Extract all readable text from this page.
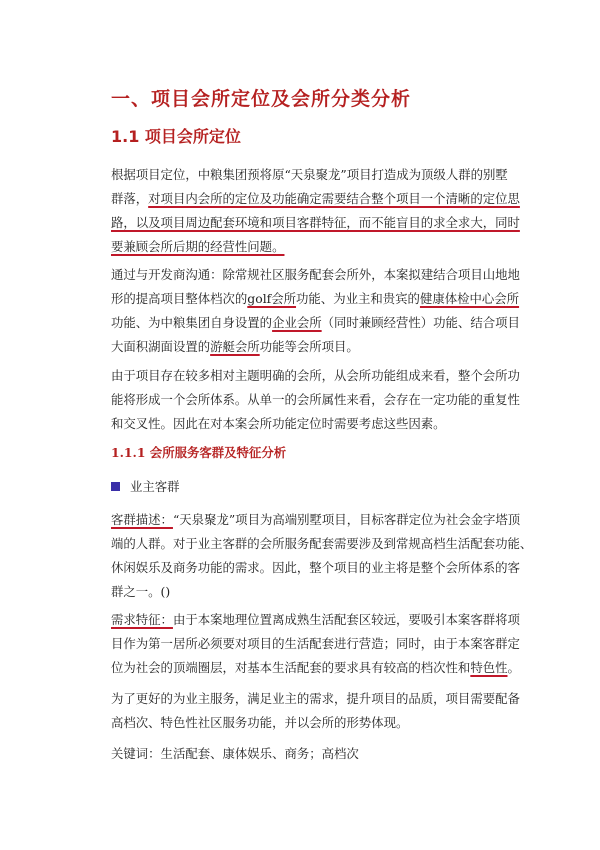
一、项目会所定位及会所分类分析
1.1 项目会所定位

根据项目定位，中粮集团预将原“天泉聚龙”项目打造成为顶级人群的别墅
群落，对项目内会所的定位及功能确定需要结合整个项目一个清晰的定位思
路，以及项目周边配套环境和项目客群特征，而不能盲目的求全求大，同时
要兼顾会所后期的经营性问题。

通过与开发商沟通：除常规社区服务配套会所外，本案拟建结合项目山地地
形的提高项目整体档次的golf会所功能、为业主和贵宾的健康体检中心会所
功能、为中粮集团自身设置的企业会所（同时兼顾经营性）功能、结合项目
大面积湖面设置的游艇会所功能等会所项目。

由于项目存在较多相对主题明确的会所，从会所功能组成来看，整个会所功
能将形成一个会所体系。从单一的会所属性来看，会存在一定功能的重复性
和交叉性。因此在对本案会所功能定位时需要考虑这些因素。

1.1.1 会所服务客群及特征分析
业主客群

客群描述：“天泉聚龙”项目为高端别墅项目，目标客群定位为社会金字塔顶
端的人群。对于业主客群的会所服务配套需要涉及到常规高档生活配套功能、
休闲娱乐及商务功能的需求。因此，整个项目的业主将是整个会所体系的客
群之一。()

需求特征：由于本案地理位置离成熟生活配套区较远，要吸引本案客群将项
目作为第一居所必须要对项目的生活配套进行营造；同时，由于本案客群定
位为社会的顶端圈层，对基本生活配套的要求具有较高的档次性和特色性。

为了更好的为业主服务，满足业主的需求，提升项目的品质，项目需要配备
高档次、特色性社区服务功能，并以会所的形势体现。

关键词：生活配套、康体娱乐、商务；高档次
